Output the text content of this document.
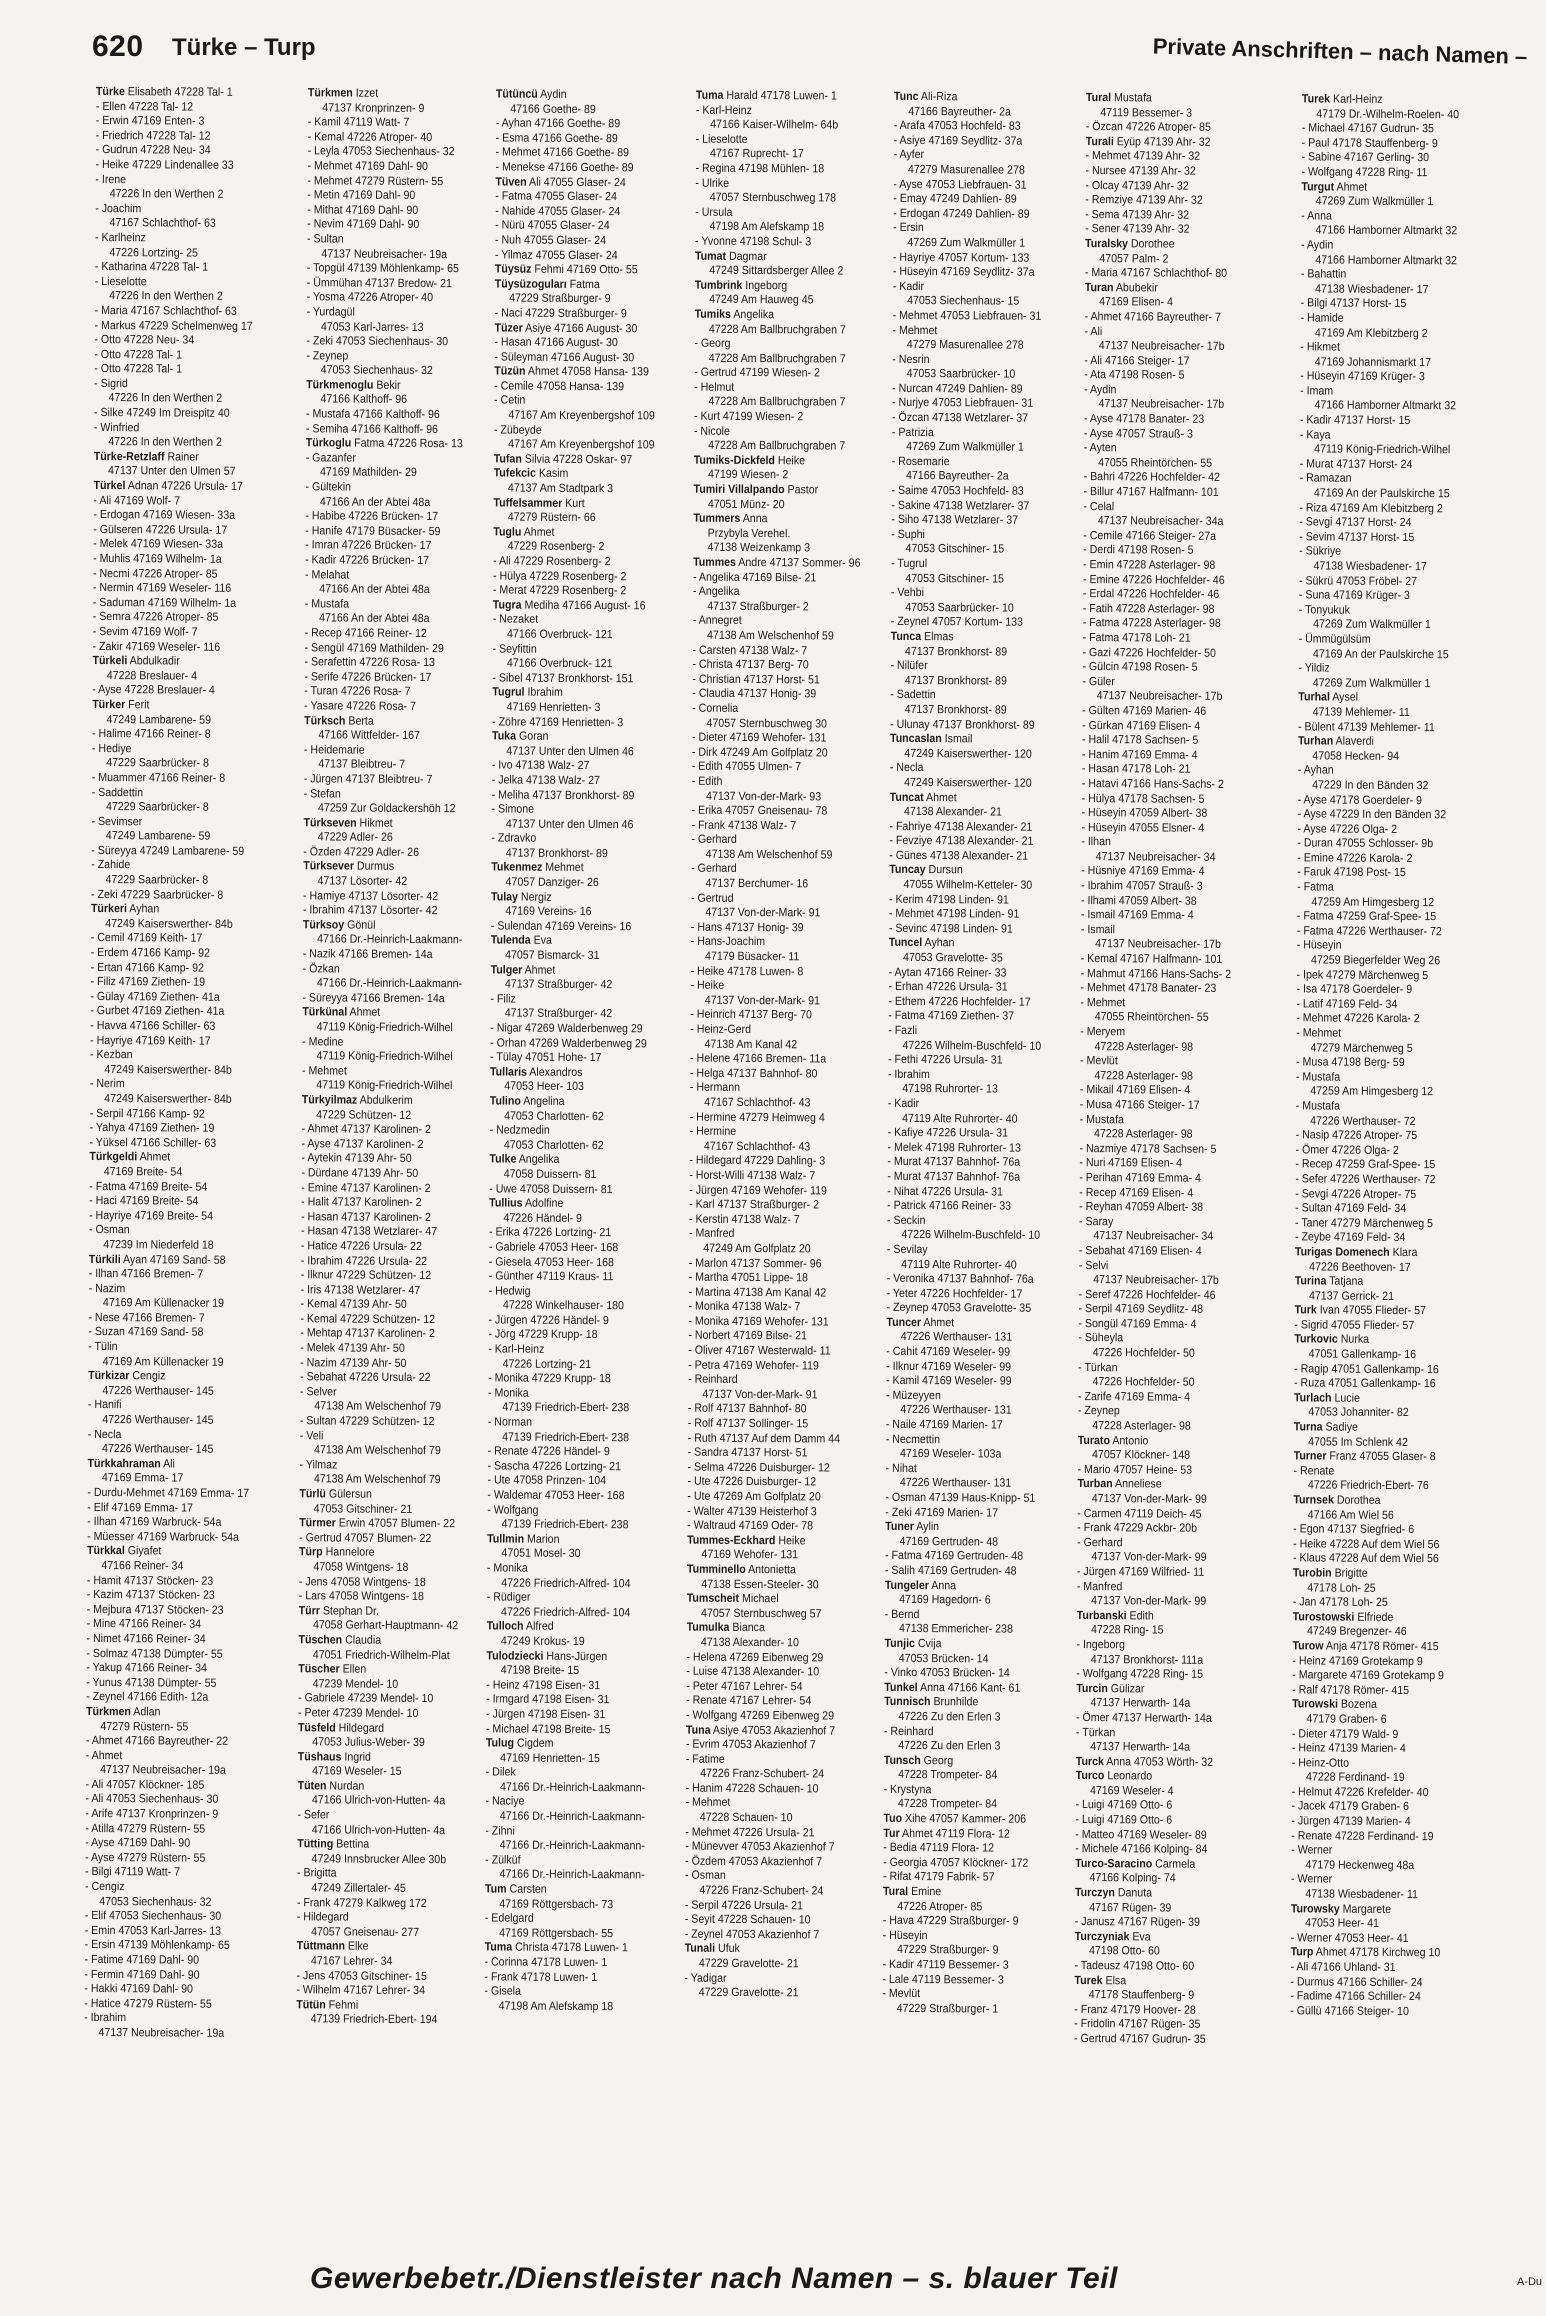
620 Türke – Turp	Private Anschriften – nach Namen –
Türke Elisabeth 47228 Tal- 1
- Ellen 47228 Tal- 12
- Erwin 47169 Enten- 3
- Friedrich 47228 Tal- 12
- Gudrun 47228 Neu- 34
- Heike 47229 Lindenallee 33
- Irene
47226 In den Werthen 2
- Joachim
47167 Schlachthof- 63
- Karlheinz
47226 Lortzing- 25
- Katharina 47228 Tal- 1
- Lieselotte
47226 In den Werthen 2
- Maria 47167 Schlachthof- 63
- Markus 47229 Schelmenweg 17
- Otto 47228 Neu- 34
- Otto 47228 Tal- 1
- Otto 47228 Tal- 1
- Sigrid
47226 In den Werthen 2
- Silke 47249 Im Dreispitz 40
- Winfried
47226 In den Werthen 2
Türke-Retzlaff Rainer
47137 Unter den Ulmen 57
Türkel Adnan 47226 Ursula- 17
- Ali 47169 Wolf- 7
- Erdogan 47169 Wiesen- 33a
- Gülseren 47226 Ursula- 17
- Melek 47169 Wiesen- 33a
- Muhlis 47169 Wilhelm- 1a
- Necmi 47226 Atroper- 85
- Nermin 47169 Weseler- 116
- Saduman 47169 Wilhelm- 1a
- Semra 47226 Atroper- 85
- Sevim 47169 Wolf- 7
- Zakir 47169 Weseler- 116
Türkeli Abdulkadir
47228 Breslauer- 4
- Ayse 47228 Breslauer- 4
Türker Ferit
47249 Lambarene- 59
- Halime 47166 Reiner- 8
- Hediye
47229 Saarbrücker- 8
- Muammer 47166 Reiner- 8
- Saddettin
47229 Saarbrücker- 8
- Sevimser
47249 Lambarene- 59
- Süreyya 47249 Lambarene- 59
- Zahide
47229 Saarbrücker- 8
- Zeki 47229 Saarbrücker- 8
Türkeri Ayhan
47249 Kaiserswerther- 84b
- Cemil 47169 Keith- 17
- Erdem 47166 Kamp- 92
- Ertan 47166 Kamp- 92
- Filiz 47169 Ziethen- 19
- Gülay 47169 Ziethen- 41a
- Gurbet 47169 Ziethen- 41a
- Havva 47166 Schiller- 63
- Hayriye 47169 Keith- 17
- Kezban
47249 Kaiserswerther- 84b
- Nerim
47249 Kaiserswerther- 84b
- Serpil 47166 Kamp- 92
- Yahya 47169 Ziethen- 19
- Yüksel 47166 Schiller- 63
Türkgeldi Ahmet
47169 Breite- 54
- Fatma 47169 Breite- 54
- Haci 47169 Breite- 54
- Hayriye 47169 Breite- 54
- Osman
47239 Im Niederfeld 18
Türkili Ayan 47169 Sand- 58
- Ilhan 47166 Bremen- 7
- Nazim
47169 Am Küllenacker 19
- Nese 47166 Bremen- 7
- Suzan 47169 Sand- 58
- Tülin
47169 Am Küllenacker 19
Türkizar Cengiz
47226 Werthauser- 145
- Hanifi
47226 Werthauser- 145
- Necla
47226 Werthauser- 145
Türkkahraman Ali
47169 Emma- 17
- Durdu-Mehmet 47169 Emma- 17
- Elif 47169 Emma- 17
- Ilhan 47169 Warbruck- 54a
- Müesser 47169 Warbruck- 54a
Türkkal Giyafet
47166 Reiner- 34
- Hamit 47137 Stöcken- 23
- Kazim 47137 Stöcken- 23
- Mejbura 47137 Stöcken- 23
- Mine 47166 Reiner- 34
- Nimet 47166 Reiner- 34
- Solmaz 47138 Dümpter- 55
- Yakup 47166 Reiner- 34
- Yunus 47138 Dümpter- 55
- Zeynel 47166 Edith- 12a
Türkmen Adlan
47279 Rüstern- 55
- Ahmet 47166 Bayreuther- 22
- Ahmet
47137 Neubreisacher- 19a
- Ali 47057 Klöckner- 185
- Ali 47053 Siechenhaus- 30
- Arife 47137 Kronprinzen- 9
- Atilla 47279 Rüstern- 55
- Ayse 47169 Dahl- 90
- Ayse 47279 Rüstern- 55
- Bilgi 47119 Watt- 7
- Cengiz
47053 Siechenhaus- 32
- Elif 47053 Siechenhaus- 30
- Emin 47053 Karl-Jarres- 13
- Ersin 47139 Möhlenkamp- 65
- Fatime 47169 Dahl- 90
- Fermin 47169 Dahl- 90
- Hakki 47169 Dahl- 90
- Hatice 47279 Rüstern- 55
- Ibrahim
47137 Neubreisacher- 19a
Türkmen Izzet
47137 Kronprinzen- 9
- Kamil 47119 Watt- 7
- Kemal 47226 Atroper- 40
- Leyla 47053 Siechenhaus- 32
- Mehmet 47169 Dahl- 90
- Mehmet 47279 Rüstern- 55
- Metin 47169 Dahl- 90
- Mithat 47169 Dahl- 90
- Nevim 47169 Dahl- 90
- Sultan
47137 Neubreisacher- 19a
- Topgül 47139 Möhlenkamp- 65
- Ümmühan 47137 Bredow- 21
- Yosma 47226 Atroper- 40
- Yurdagül
47053 Karl-Jarres- 13
- Zeki 47053 Siechenhaus- 30
- Zeynep
47053 Siechenhaus- 32
Türkmenoglu Bekir
47166 Kalthoff- 96
- Mustafa 47166 Kalthoff- 96
- Semiha 47166 Kalthoff- 96
Türkoglu Fatma 47226 Rosa- 13
- Gazanfer
47169 Mathilden- 29
- Gültekin
47166 An der Abtei 48a
- Habibe 47226 Brücken- 17
- Hanife 47179 Büsacker- 59
- Imran 47226 Brücken- 17
- Kadir 47226 Brücken- 17
- Melahat
47166 An der Abtei 48a
- Mustafa
47166 An der Abtei 48a
- Recep 47166 Reiner- 12
- Sengül 47169 Mathilden- 29
- Serafettin 47226 Rosa- 13
- Serife 47226 Brücken- 17
- Turan 47226 Rosa- 7
- Yasare 47226 Rosa- 7
Türksch Berta
47166 Wittfelder- 167
- Heidemarie
47137 Bleibtreu- 7
- Jürgen 47137 Bleibtreu- 7
- Stefan
47259 Zur Goldackershöh 12
Türkseven Hikmet
47229 Adler- 26
- Özden 47229 Adler- 26
Türksever Durmus
47137 Lösorter- 42
- Hamiye 47137 Lösorter- 42
- Ibrahim 47137 Lösorter- 42
Türksoy Gönül
47166 Dr.-Heinrich-Laakmann-
- Nazik 47166 Bremen- 14a
- Özkan
47166 Dr.-Heinrich-Laakmann-
- Süreyya 47166 Bremen- 14a
Türkünal Ahmet
47119 König-Friedrich-Wilhel
- Medine
47119 König-Friedrich-Wilhel
- Mehmet
47119 König-Friedrich-Wilhel
Türkyilmaz Abdulkerim
47229 Schützen- 12
- Ahmet 47137 Karolinen- 2
- Ayse 47137 Karolinen- 2
- Aytekin 47139 Ahr- 50
- Dürdane 47139 Ahr- 50
- Emine 47137 Karolinen- 2
- Halit 47137 Karolinen- 2
- Hasan 47137 Karolinen- 2
- Hasan 47138 Wetzlarer- 47
- Hatice 47226 Ursula- 22
- Ibrahim 47226 Ursula- 22
- Ilknur 47229 Schützen- 12
- Iris 47138 Wetzlarer- 47
- Kemal 47139 Ahr- 50
- Kemal 47229 Schützen- 12
- Mehtap 47137 Karolinen- 2
- Melek 47139 Ahr- 50
- Nazim 47139 Ahr- 50
- Sebahat 47226 Ursula- 22
- Selver
47138 Am Welschenhof 79
- Sultan 47229 Schützen- 12
- Veli
47138 Am Welschenhof 79
- Yilmaz
47138 Am Welschenhof 79
Türlü Gülersun
47053 Gitschiner- 21
Türmer Erwin 47057 Blumen- 22
- Gertrud 47057 Blumen- 22
Türp Hannelore
47058 Wintgens- 18
- Jens 47058 Wintgens- 18
- Lars 47058 Wintgens- 18
Türr Stephan Dr.
47058 Gerhart-Hauptmann- 42
Tüschen Claudia
47051 Friedrich-Wilhelm-Plat
Tüscher Ellen
47239 Mendel- 10
- Gabriele 47239 Mendel- 10
- Peter 47239 Mendel- 10
Tüsfeld Hildegard
47053 Julius-Weber- 39
Tüshaus Ingrid
47169 Weseler- 15
Tüten Nurdan
47166 Ulrich-von-Hutten- 4a
- Sefer
47166 Ulrich-von-Hutten- 4a
Tütting Bettina
47249 Innsbrucker Allee 30b
- Brigitta
47249 Zillertaler- 45
- Frank 47279 Kalkweg 172
- Hildegard
47057 Gneisenau- 277
Tüttmann Elke
47167 Lehrer- 34
- Jens 47053 Gitschiner- 15
- Wilhelm 47167 Lehrer- 34
Tütün Fehmi
47139 Friedrich-Ebert- 194
Tütüncü Aydin
47166 Goethe- 89
- Ayhan 47166 Goethe- 89
- Esma 47166 Goethe- 89
- Mehmet 47166 Goethe- 89
- Menekse 47166 Goethe- 89
Tüven Ali 47055 Glaser- 24
- Fatma 47055 Glaser- 24
- Nahide 47055 Glaser- 24
- Nürü 47055 Glaser- 24
- Nuh 47055 Glaser- 24
- Yilmaz 47055 Glaser- 24
Tüysüz Fehmi 47169 Otto- 55
Tüysüzoguları Fatma
47229 Straßburger- 9
- Naci 47229 Straßburger- 9
Tüzer Asiye 47166 August- 30
- Hasan 47166 August- 30
- Süleyman 47166 August- 30
Tüzün Ahmet 47058 Hansa- 139
- Cemile 47058 Hansa- 139
- Cetin
47167 Am Kreyenbergshof 109
- Zübeyde
47167 Am Kreyenbergshof 109
Tufan Silvia 47228 Oskar- 97
Tufekcic Kasim
47137 Am Stadtpark 3
Tuffelsammer Kurt
47279 Rüstern- 66
Tuglu Ahmet
47229 Rosenberg- 2
- Ali 47229 Rosenberg- 2
- Hülya 47229 Rosenberg- 2
- Merat 47229 Rosenberg- 2
Tugra Mediha 47166 August- 16
- Nezaket
47166 Overbruck- 121
- Seyfittin
47166 Overbruck- 121
- Sibel 47137 Bronkhorst- 151
Tugrul Ibrahim
47169 Henrietten- 3
- Zöhre 47169 Henrietten- 3
Tuka Goran
47137 Unter den Ulmen 46
- Ivo 47138 Walz- 27
- Jelka 47138 Walz- 27
- Meliha 47137 Bronkhorst- 89
- Simone
47137 Unter den Ulmen 46
- Zdravko
47137 Bronkhorst- 89
Tukenmez Mehmet
47057 Danziger- 26
Tulay Nergiz
47169 Vereins- 16
- Sulendan 47169 Vereins- 16
Tulenda Eva
47057 Bismarck- 31
Tulger Ahmet
47137 Straßburger- 42
- Filiz
47137 Straßburger- 42
- Nigar 47269 Walderbenweg 29
- Orhan 47269 Walderbenweg 29
- Tülay 47051 Hohe- 17
Tullaris Alexandros
47053 Heer- 103
Tulino Angelina
47053 Charlotten- 62
- Nedzmedin
47053 Charlotten- 62
Tulke Angelika
47058 Duissern- 81
- Uwe 47058 Duissern- 81
Tullius Adolfine
47226 Händel- 9
- Erika 47226 Lortzing- 21
- Gabriele 47053 Heer- 168
- Giesela 47053 Heer- 168
- Günther 47119 Kraus- 11
- Hedwig
47228 Winkelhauser- 180
- Jürgen 47226 Händel- 9
- Jörg 47229 Krupp- 18
- Karl-Heinz
47226 Lortzing- 21
- Monika 47229 Krupp- 18
- Monika
47139 Friedrich-Ebert- 238
- Norman
47139 Friedrich-Ebert- 238
- Renate 47226 Händel- 9
- Sascha 47226 Lortzing- 21
- Ute 47058 Prinzen- 104
- Waldemar 47053 Heer- 168
- Wolfgang
47139 Friedrich-Ebert- 238
Tullmin Marion
47051 Mosel- 30
- Monika
47226 Friedrich-Alfred- 104
- Rüdiger
47226 Friedrich-Alfred- 104
Tulloch Alfred
47249 Krokus- 19
Tulodziecki Hans-Jürgen
47198 Breite- 15
- Heinz 47198 Eisen- 31
- Irmgard 47198 Eisen- 31
- Jürgen 47198 Eisen- 31
- Michael 47198 Breite- 15
Tulug Cigdem
47169 Henrietten- 15
- Dilek
47166 Dr.-Heinrich-Laakmann-
- Naciye
47166 Dr.-Heinrich-Laakmann-
- Zihni
47166 Dr.-Heinrich-Laakmann-
- Zülküf
47166 Dr.-Heinrich-Laakmann-
Tum Carsten
47169 Röttgersbach- 73
- Edelgard
47169 Röttgersbach- 55
Tuma Christa 47178 Luwen- 1
- Corinna 47178 Luwen- 1
- Frank 47178 Luwen- 1
- Gisela
47198 Am Alefskamp 18
Tuma Harald 47178 Luwen- 1
- Karl-Heinz
47166 Kaiser-Wilhelm- 64b
- Lieselotte
47167 Ruprecht- 17
- Regina 47198 Mühlen- 18
- Ulrike
47057 Sternbuschweg 178
- Ursula
47198 Am Alefskamp 18
- Yvonne 47198 Schul- 3
Tumat Dagmar
47249 Sittardsberger Allee 2
Tumbrink Ingeborg
47249 Am Hauweg 45
Tumiks Angelika
47228 Am Ballbruchgraben 7
- Georg
47228 Am Ballbruchgraben 7
- Gertrud 47199 Wiesen- 2
- Helmut
47228 Am Ballbruchgraben 7
- Kurt 47199 Wiesen- 2
- Nicole
47228 Am Ballbruchgraben 7
Tumiks-Dickfeld Heike
47199 Wiesen- 2
Tumiri Villalpando Pastor
47051 Münz- 20
Tummers Anna
Przybyla Verehel.
47138 Weizenkamp 3
Tummes Andre 47137 Sommer- 96
- Angelika 47169 Bilse- 21
- Angelika
47137 Straßburger- 2
- Annegret
47138 Am Welschenhof 59
- Carsten 47138 Walz- 7
- Christa 47137 Berg- 70
- Christian 47137 Horst- 51
- Claudia 47137 Honig- 39
- Cornelia
47057 Sternbuschweg 30
- Dieter 47169 Wehofer- 131
- Dirk 47249 Am Golfplatz 20
- Edith 47055 Ulmen- 7
- Edith
47137 Von-der-Mark- 93
- Erika 47057 Gneisenau- 78
- Frank 47138 Walz- 7
- Gerhard
47138 Am Welschenhof 59
- Gerhard
47137 Berchumer- 16
- Gertrud
47137 Von-der-Mark- 91
- Hans 47137 Honig- 39
- Hans-Joachim
47179 Büsacker- 11
- Heike 47178 Luwen- 8
- Heike
47137 Von-der-Mark- 91
- Heinrich 47137 Berg- 70
- Heinz-Gerd
47138 Am Kanal 42
- Helene 47166 Bremen- 11a
- Helga 47137 Bahnhof- 80
- Hermann
47167 Schlachthof- 43
- Hermine 47279 Heimweg 4
- Hermine
47167 Schlachthof- 43
- Hildegard 47229 Dahling- 3
- Horst-Willi 47138 Walz- 7
- Jürgen 47169 Wehofer- 119
- Karl 47137 Straßburger- 2
- Kerstin 47138 Walz- 7
- Manfred
47249 Am Golfplatz 20
- Marlon 47137 Sommer- 96
- Martha 47051 Lippe- 18
- Martina 47138 Am Kanal 42
- Monika 47138 Walz- 7
- Monika 47169 Wehofer- 131
- Norbert 47169 Bilse- 21
- Oliver 47167 Westerwald- 11
- Petra 47169 Wehofer- 119
- Reinhard
47137 Von-der-Mark- 91
- Rolf 47137 Bahnhof- 80
- Rolf 47137 Sollinger- 15
- Ruth 47137 Auf dem Damm 44
- Sandra 47137 Horst- 51
- Selma 47226 Duisburger- 12
- Ute 47226 Duisburger- 12
- Ute 47269 Am Golfplatz 20
- Walter 47139 Heisterhof 3
- Waltraud 47169 Oder- 78
Tummes-Eckhard Heike
47169 Wehofer- 131
Tumminello Antonietta
47138 Essen-Steeler- 30
Tumscheit Michael
47057 Sternbuschweg 57
Tumulka Bianca
47138 Alexander- 10
- Helena 47269 Eibenweg 29
- Luise 47138 Alexander- 10
- Peter 47167 Lehrer- 54
- Renate 47167 Lehrer- 54
- Wolfgang 47269 Eibenweg 29
Tuna Asiye 47053 Akazienhof 7
- Evrim 47053 Akazienhof 7
- Fatime
47226 Franz-Schubert- 24
- Hanim 47228 Schauen- 10
- Mehmet
47228 Schauen- 10
- Mehmet 47226 Ursula- 21
- Münevver 47053 Akazienhof 7
- Özdem 47053 Akazienhof 7
- Osman
47226 Franz-Schubert- 24
- Serpil 47226 Ursula- 21
- Seyit 47228 Schauen- 10
- Zeynel 47053 Akazienhof 7
Tunali Ufuk
47229 Gravelotte- 21
- Yadigar
47229 Gravelotte- 21
Tunc Ali-Riza
47166 Bayreuther- 2a
- Arafa 47053 Hochfeld- 83
- Asiye 47169 Seydlitz- 37a
- Ayfer
47279 Masurenallee 278
- Ayse 47053 Liebfrauen- 31
- Emay 47249 Dahlien- 89
- Erdogan 47249 Dahlien- 89
- Ersin
47269 Zum Walkmüller 1
- Hayriye 47057 Kortum- 133
- Hüseyin 47169 Seydlitz- 37a
- Kadir
47053 Siechenhaus- 15
- Mehmet 47053 Liebfrauen- 31
- Mehmet
47279 Masurenallee 278
- Nesrin
47053 Saarbrücker- 10
- Nurcan 47249 Dahlien- 89
- Nurjye 47053 Liebfrauen- 31
- Özcan 47138 Wetzlarer- 37
- Patrizia
47269 Zum Walkmüller 1
- Rosemarie
47166 Bayreuther- 2a
- Saime 47053 Hochfeld- 83
- Sakine 47138 Wetzlarer- 37
- Siho 47138 Wetzlarer- 37
- Suphi
47053 Gitschiner- 15
- Tugrul
47053 Gitschiner- 15
- Vehbi
47053 Saarbrücker- 10
- Zeynel 47057 Kortum- 133
Tunca Elmas
47137 Bronkhorst- 89
- Nilüfer
47137 Bronkhorst- 89
- Sadettin
47137 Bronkhorst- 89
- Ulunay 47137 Bronkhorst- 89
Tuncaslan Ismail
47249 Kaiserswerther- 120
- Necla
47249 Kaiserswerther- 120
Tuncat Ahmet
47138 Alexander- 21
- Fahriye 47138 Alexander- 21
- Fevziye 47138 Alexander- 21
- Günes 47138 Alexander- 21
Tuncay Dursun
47055 Wilhelm-Ketteler- 30
- Kerim 47198 Linden- 91
- Mehmet 47198 Linden- 91
- Sevinc 47198 Linden- 91
Tuncel Ayhan
47053 Gravelotte- 35
- Aytan 47166 Reiner- 33
- Erhan 47226 Ursula- 31
- Ethem 47226 Hochfelder- 17
- Fatma 47169 Ziethen- 37
- Fazli
47226 Wilhelm-Buschfeld- 10
- Fethi 47226 Ursula- 31
- Ibrahim
47198 Ruhrorter- 13
- Kadir
47119 Alte Ruhrorter- 40
- Kafiye 47226 Ursula- 31
- Melek 47198 Ruhrorter- 13
- Murat 47137 Bahnhof- 76a
- Murat 47137 Bahnhof- 76a
- Nihat 47226 Ursula- 31
- Patrick 47166 Reiner- 33
- Seckin
47226 Wilhelm-Buschfeld- 10
- Sevilay
47119 Alte Ruhrorter- 40
- Veronika 47137 Bahnhof- 76a
- Yeter 47226 Hochfelder- 17
- Zeynep 47053 Gravelotte- 35
Tuncer Ahmet
47226 Werthauser- 131
- Cahit 47169 Weseler- 99
- Ilknur 47169 Weseler- 99
- Kamil 47169 Weseler- 99
- Müzeyyen
47226 Werthauser- 131
- Naile 47169 Marien- 17
- Necmettin
47169 Weseler- 103a
- Nihat
47226 Werthauser- 131
- Osman 47139 Haus-Knipp- 51
- Zeki 47169 Marien- 17
Tuner Aylin
47169 Gertruden- 48
- Fatma 47169 Gertruden- 48
- Salih 47169 Gertruden- 48
Tungeler Anna
47169 Hagedorn- 6
- Bernd
47138 Emmericher- 238
Tunjic Cvija
47053 Brücken- 14
- Vinko 47053 Brücken- 14
Tunkel Anna 47166 Kant- 61
Tunnisch Brunhilde
47226 Zu den Erlen 3
- Reinhard
47226 Zu den Erlen 3
Tunsch Georg
47228 Trompeter- 84
- Krystyna
47228 Trompeter- 84
Tuo Xihe 47057 Kammer- 206
Tur Ahmet 47119 Flora- 12
- Bedia 47119 Flora- 12
- Georgia 47057 Klöckner- 172
- Rifat 47179 Fabrik- 57
Tural Emine
47226 Atroper- 85
- Hava 47229 Straßburger- 9
- Hüseyin
47229 Straßburger- 9
- Kadir 47119 Bessemer- 3
- Lale 47119 Bessemer- 3
- Mevlüt
47229 Straßburger- 1
Tural Mustafa
47119 Bessemer- 3
- Özcan 47226 Atroper- 85
Turali Eyüp 47139 Ahr- 32
- Mehmet 47139 Ahr- 32
- Nursee 47139 Ahr- 32
- Olcay 47139 Ahr- 32
- Remziye 47139 Ahr- 32
- Sema 47139 Ahr- 32
- Sener 47139 Ahr- 32
Turalsky Dorothee
47057 Palm- 2
- Maria 47167 Schlachthof- 80
Turan Abubekir
47169 Elisen- 4
- Ahmet 47166 Bayreuther- 7
- Ali
47137 Neubreisacher- 17b
- Ali 47166 Steiger- 17
- Ata 47198 Rosen- 5
- Aydin
47137 Neubreisacher- 17b
- Ayse 47178 Banater- 23
- Ayse 47057 Strauß- 3
- Ayten
47055 Rheintörchen- 55
- Bahri 47226 Hochfelder- 42
- Billur 47167 Halfmann- 101
- Celal
47137 Neubreisacher- 34a
- Cemile 47166 Steiger- 27a
- Derdi 47198 Rosen- 5
- Emin 47228 Asterlager- 98
- Emine 47226 Hochfelder- 46
- Erdal 47226 Hochfelder- 46
- Fatih 47228 Asterlager- 98
- Fatma 47228 Asterlager- 98
- Fatma 47178 Loh- 21
- Gazi 47226 Hochfelder- 50
- Gülcin 47198 Rosen- 5
- Güler
47137 Neubreisacher- 17b
- Gülten 47169 Marien- 46
- Gürkan 47169 Elisen- 4
- Halil 47178 Sachsen- 5
- Hanim 47169 Emma- 4
- Hasan 47178 Loh- 21
- Hatavi 47166 Hans-Sachs- 2
- Hülya 47178 Sachsen- 5
- Hüseyin 47059 Albert- 38
- Hüseyin 47055 Elsner- 4
- Ilhan
47137 Neubreisacher- 34
- Hüsniye 47169 Emma- 4
- Ibrahim 47057 Strauß- 3
- Ilhami 47059 Albert- 38
- Ismail 47169 Emma- 4
- Ismail
47137 Neubreisacher- 17b
- Kemal 47167 Halfmann- 101
- Mahmut 47166 Hans-Sachs- 2
- Mehmet 47178 Banater- 23
- Mehmet
47055 Rheintörchen- 55
- Meryem
47228 Asterlager- 98
- Mevlüt
47228 Asterlager- 98
- Mikail 47169 Elisen- 4
- Musa 47166 Steiger- 17
- Mustafa
47228 Asterlager- 98
- Nazmiye 47178 Sachsen- 5
- Nuri 47169 Elisen- 4
- Perihan 47169 Emma- 4
- Recep 47169 Elisen- 4
- Reyhan 47059 Albert- 38
- Saray
47137 Neubreisacher- 34
- Sebahat 47169 Elisen- 4
- Selvi
47137 Neubreisacher- 17b
- Seref 47226 Hochfelder- 46
- Serpil 47169 Seydlitz- 48
- Songül 47169 Emma- 4
- Süheyla
47226 Hochfelder- 50
- Türkan
47226 Hochfelder- 50
- Zarife 47169 Emma- 4
- Zeynep
47228 Asterlager- 98
Turato Antonio
47057 Klöckner- 148
- Mario 47057 Heine- 53
Turban Anneliese
47137 Von-der-Mark- 99
- Carmen 47119 Deich- 45
- Frank 47229 Ackbr- 20b
- Gerhard
47137 Von-der-Mark- 99
- Jürgen 47169 Wilfried- 11
- Manfred
47137 Von-der-Mark- 99
Turbanski Edith
47228 Ring- 15
- Ingeborg
47137 Bronkhorst- 111a
- Wolfgang 47228 Ring- 15
Turcin Gülizar
47137 Herwarth- 14a
- Ömer 47137 Herwarth- 14a
- Türkan
47137 Herwarth- 14a
Turck Anna 47053 Wörth- 32
Turco Leonardo
47169 Weseler- 4
- Luigi 47169 Otto- 6
- Luigi 47169 Otto- 6
- Matteo 47169 Weseler- 89
- Michele 47166 Kolping- 84
Turco-Saracino Carmela
47166 Kolping- 74
Turczyn Danuta
47167 Rügen- 39
- Janusz 47167 Rügen- 39
Turczyniak Eva
47198 Otto- 60
- Tadeusz 47198 Otto- 60
Turek Elsa
47178 Stauffenberg- 9
- Franz 47179 Hoover- 28
- Fridolin 47167 Rügen- 35
- Gertrud 47167 Gudrun- 35
Turek Karl-Heinz
47179 Dr.-Wilhelm-Roelen- 40
- Michael 47167 Gudrun- 35
- Paul 47178 Stauffenberg- 9
- Sabine 47167 Gerling- 30
- Wolfgang 47228 Ring- 11
Turgut Ahmet
47269 Zum Walkmüller 1
- Anna
47166 Hamborner Altmarkt 32
- Aydin
47166 Hamborner Altmarkt 32
- Bahattin
47138 Wiesbadener- 17
- Bilgi 47137 Horst- 15
- Hamide
47169 Am Klebitzberg 2
- Hikmet
47169 Johannismarkt 17
- Hüseyin 47169 Krüger- 3
- Imam
47166 Hamborner Altmarkt 32
- Kadir 47137 Horst- 15
- Kaya
47119 König-Friedrich-Wilhel
- Murat 47137 Horst- 24
- Ramazan
47169 An der Paulskirche 15
- Riza 47169 Am Klebitzberg 2
- Sevgi 47137 Horst- 24
- Sevim 47137 Horst- 15
- Sükriye
47138 Wiesbadener- 17
- Sükrü 47053 Fröbel- 27
- Suna 47169 Krüger- 3
- Tonyukuk
47269 Zum Walkmüller 1
- Ümmügülsüm
47169 An der Paulskirche 15
- Yildiz
47269 Zum Walkmüller 1
Turhal Aysel
47139 Mehlemer- 11
- Bülent 47139 Mehlemer- 11
Turhan Alaverdi
47058 Hecken- 94
- Ayhan
47229 In den Bänden 32
- Ayse 47178 Goerdeler- 9
- Ayse 47229 In den Bänden 32
- Ayse 47226 Olga- 2
- Duran 47055 Schlosser- 9b
- Emine 47226 Karola- 2
- Faruk 47198 Post- 15
- Fatma
47259 Am Himgesberg 12
- Fatma 47259 Graf-Spee- 15
- Fatma 47226 Werthauser- 72
- Hüseyin
47259 Biegerfelder Weg 26
- Ipek 47279 Märchenweg 5
- Isa 47178 Goerdeler- 9
- Latif 47169 Feld- 34
- Mehmet 47226 Karola- 2
- Mehmet
47279 Märchenweg 5
- Musa 47198 Berg- 59
- Mustafa
47259 Am Himgesberg 12
- Mustafa
47226 Werthauser- 72
- Nasip 47226 Atroper- 75
- Ömer 47226 Olga- 2
- Recep 47259 Graf-Spee- 15
- Sefer 47226 Werthauser- 72
- Sevgi 47226 Atroper- 75
- Sultan 47169 Feld- 34
- Taner 47279 Märchenweg 5
- Zeybe 47169 Feld- 34
Turigas Domenech Klara
47226 Beethoven- 17
Turina Tatjana
47137 Gerrick- 21
Turk Ivan 47055 Flieder- 57
- Sigrid 47055 Flieder- 57
Turkovic Nurka
47051 Gallenkamp- 16
- Ragip 47051 Gallenkamp- 16
- Ruza 47051 Gallenkamp- 16
Turlach Lucie
47053 Johanniter- 82
Turna Sadiye
47055 Im Schlenk 42
Turner Franz 47055 Glaser- 8
- Renate
47226 Friedrich-Ebert- 76
Turnsek Dorothea
47166 Am Wiel 56
- Egon 47137 Siegfried- 6
- Heike 47228 Auf dem Wiel 56
- Klaus 47228 Auf dem Wiel 56
Turobin Brigitte
47178 Loh- 25
- Jan 47178 Loh- 25
Turostowski Elfriede
47249 Bregenzer- 46
Turow Anja 47178 Römer- 415
- Heinz 47169 Grotekamp 9
- Margarete 47169 Grotekamp 9
- Ralf 47178 Römer- 415
Turowski Bozena
47179 Graben- 6
- Dieter 47179 Wald- 9
- Heinz 47139 Marien- 4
- Heinz-Otto
47228 Ferdinand- 19
- Helmut 47226 Krefelder- 40
- Jacek 47179 Graben- 6
- Jürgen 47139 Marien- 4
- Renate 47228 Ferdinand- 19
- Werner
47179 Heckenweg 48a
- Werner
47138 Wiesbadener- 11
Turowsky Margarete
47053 Heer- 41
- Werner 47053 Heer- 41
Turp Ahmet 47178 Kirchweg 10
- Ali 47166 Uhland- 31
- Durmus 47166 Schiller- 24
- Fadime 47166 Schiller- 24
- Güllü 47166 Steiger- 10
Gewerbebetr./Dienstleister nach Namen – s. blauer Teil	A-Du
